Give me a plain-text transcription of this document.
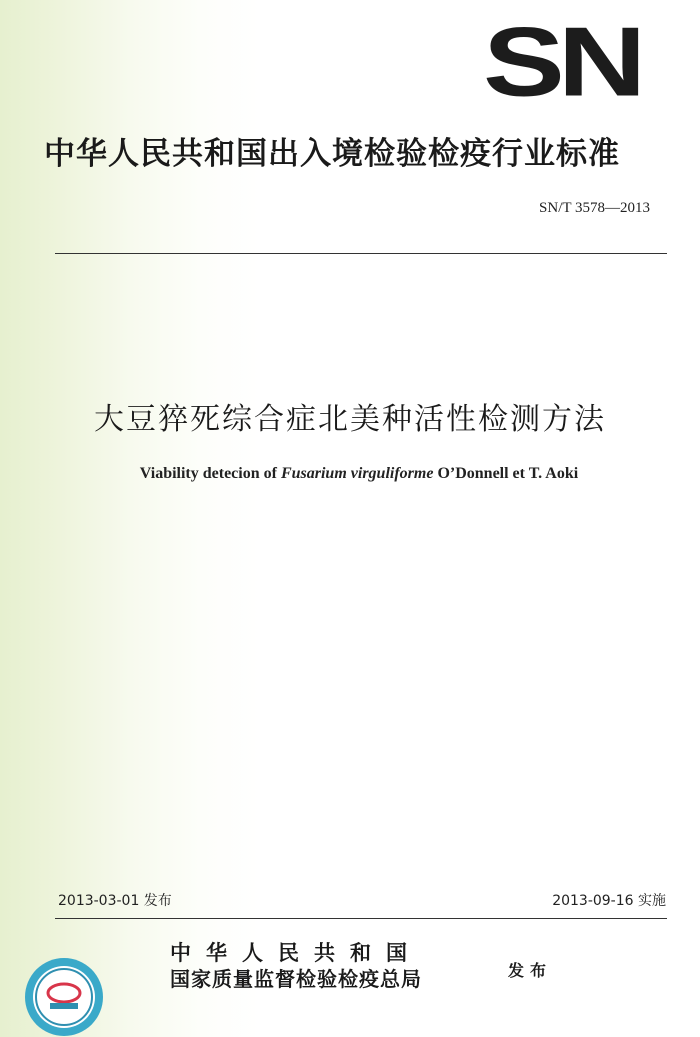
SN
中华人民共和国出入境检验检疫行业标准
SN/T 3578—2013
大豆猝死综合症北美种活性检测方法
Viability detecion of Fusarium virguliforme O’Donnell et T. Aoki
2013-03-01 发布	2013-09-16 实施
中华人民共和国
国家质量监督检验检疫总局	发布
